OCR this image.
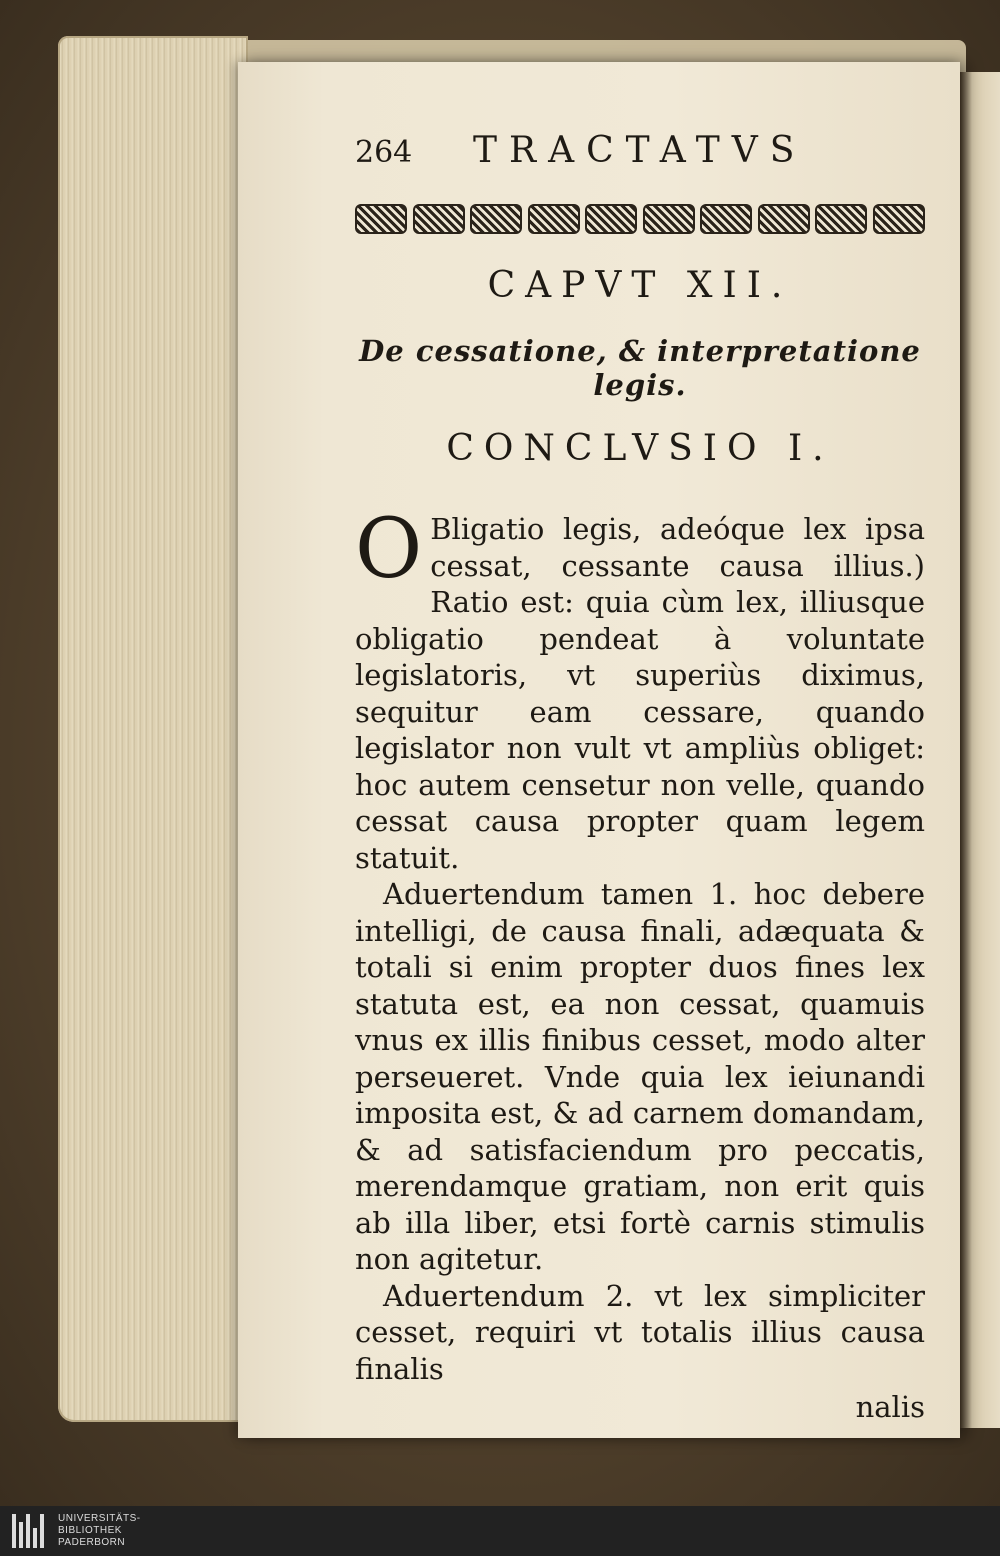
264	TRACTATVS
CAPVT XII.
De cessatione, & interpretatione legis.
CONCLVSIO I.
O Bligatio legis, adeóque lex ipsa cessat, cessante causa illius.) Ratio est: quia cùm lex, illiusque obligatio pendeat à voluntate legislatoris, vt superiùs diximus, sequitur eam cessare, quando legislator non vult vt ampliùs obliget: hoc autem censetur non velle, quando cessat causa propter quam legem statuit.
Aduertendum tamen 1. hoc debere intelligi, de causa finali, adæquata & totali si enim propter duos fines lex statuta est, ea non cessat, quamuis vnus ex illis finibus cesset, modo alter perseueret. Vnde quia lex ieiunandi imposita est, & ad carnem domandam, & ad satisfaciendum pro peccatis, merendamque gratiam, non erit quis ab illa liber, etsi fortè carnis stimulis non agitetur.
Aduertendum 2. vt lex simpliciter cesset, requiri vt totalis illius causa finalis
nalis
UNIVERSITÄTS-
BIBLIOTHEK
PADERBORN
